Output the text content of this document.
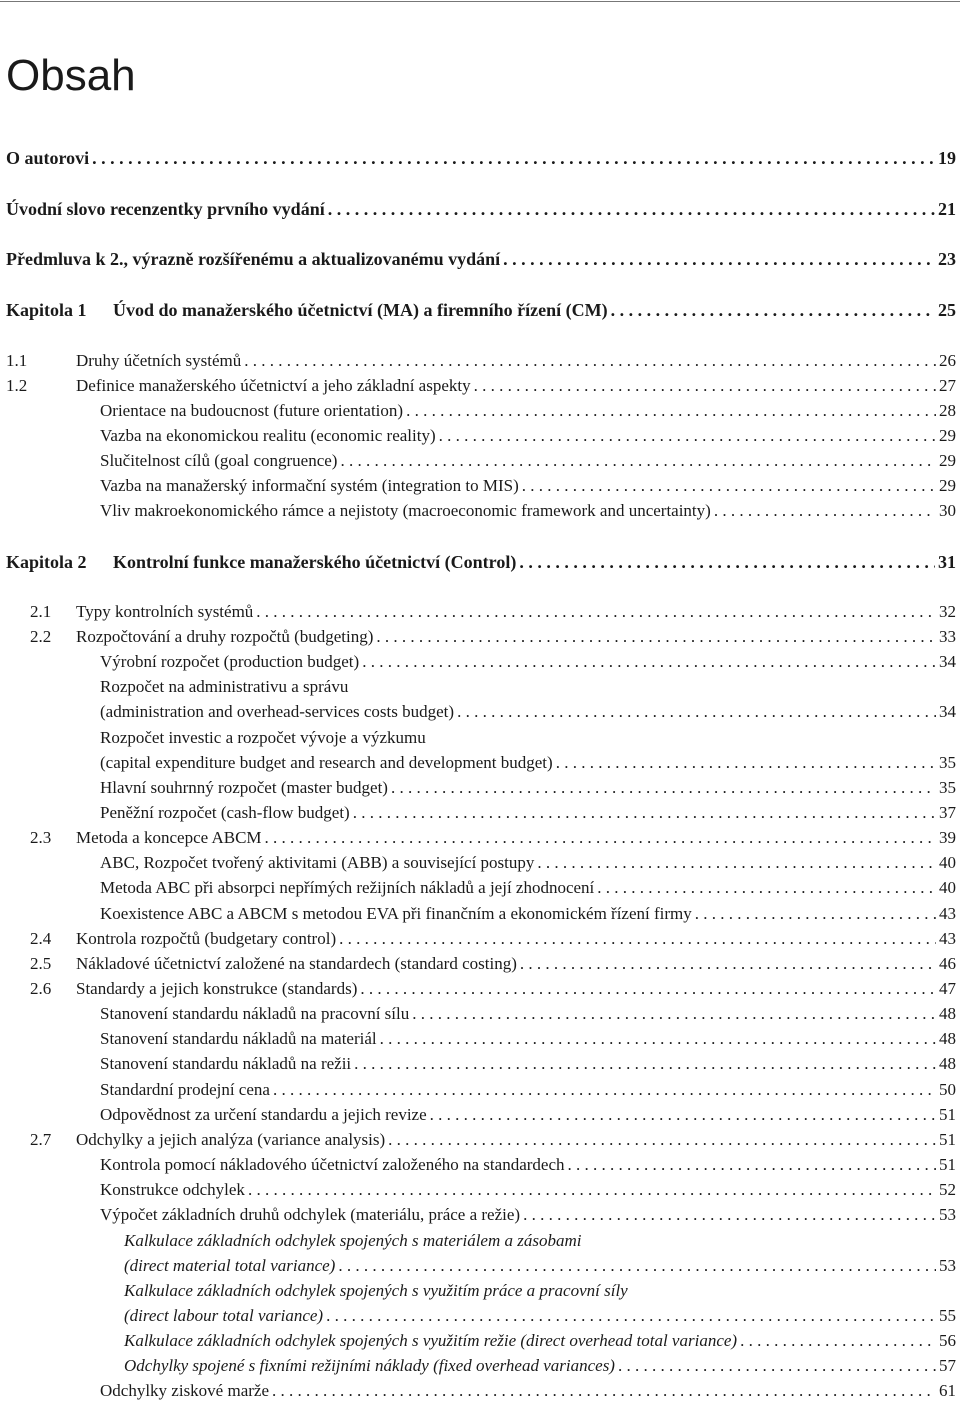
Obsah
O autorovi . . .	19
Úvodní slovo recenzentky prvního vydání . . .	21
Předmluva k 2., výrazně rozšířenému a aktualizovanému vydání . . .	23
Kapitola 1 Úvod do manažerského účetnictví (MA) a firemního řízení (CM) . . .	25
1.1	Druhy účetních systémů . . .	26
1.2	Definice manažerského účetnictví a jeho základní aspekty . . .	27
Orientace na budoucnost (future orientation) . . .	28
Vazba na ekonomickou realitu (economic reality) . . .	29
Slučitelnost cílů (goal congruence) . . .	29
Vazba na manažerský informační systém (integration to MIS) . . .	29
Vliv makroekonomického rámce a nejistoty (macroeconomic framework and uncertainty) . . .	30
Kapitola 2 Kontrolní funkce manažerského účetnictví (Control) . . .	31
2.1 Typy kontrolních systémů . . .	32
2.2 Rozpočtování a druhy rozpočtů (budgeting) . . .	33
Výrobní rozpočet (production budget) . . .	34
Rozpočet na administrativu a správu
(administration and overhead-services costs budget) . . .	34
Rozpočet investic a rozpočet vývoje a výzkumu
(capital expenditure budget and research and development budget) . . .	35
Hlavní souhrnný rozpočet (master budget) . . .	35
Peněžní rozpočet (cash-flow budget) . . .	37
2.3 Metoda a koncepce ABCM . . .	39
ABC, Rozpočet tvořený aktivitami (ABB) a související postupy . . .	40
Metoda ABC při absorpci nepřímých režijních nákladů a její zhodnocení . . .	40
Koexistence ABC a ABCM s metodou EVA při finančním a ekonomickém řízení firmy . . .	43
2.4 Kontrola rozpočtů (budgetary control) . . .	43
2.5 Nákladové účetnictví založené na standardech (standard costing) . . .	46
2.6 Standardy a jejich konstrukce (standards) . . .	47
Stanovení standardu nákladů na pracovní sílu . . .	48
Stanovení standardu nákladů na materiál . . .	48
Stanovení standardu nákladů na režii . . .	48
Standardní prodejní cena . . .	50
Odpovědnost za určení standardu a jejich revize . . .	51
2.7 Odchylky a jejich analýza (variance analysis) . . .	51
Kontrola pomocí nákladového účetnictví založeného na standardech . . .	51
Konstrukce odchylek . . .	52
Výpočet základních druhů odchylek (materiálu, práce a režie) . . .	53
Kalkulace základních odchylek spojených s materiálem a zásobami
(direct material total variance) . . .	53
Kalkulace základních odchylek spojených s využitím práce a pracovní síly
(direct labour total variance) . . .	55
Kalkulace základních odchylek spojených s využitím režie (direct overhead total variance) . . .	56
Odchylky spojené s fixními režijními náklady (fixed overhead variances) . . .	57
Odchylky ziskové marže . . .	61
